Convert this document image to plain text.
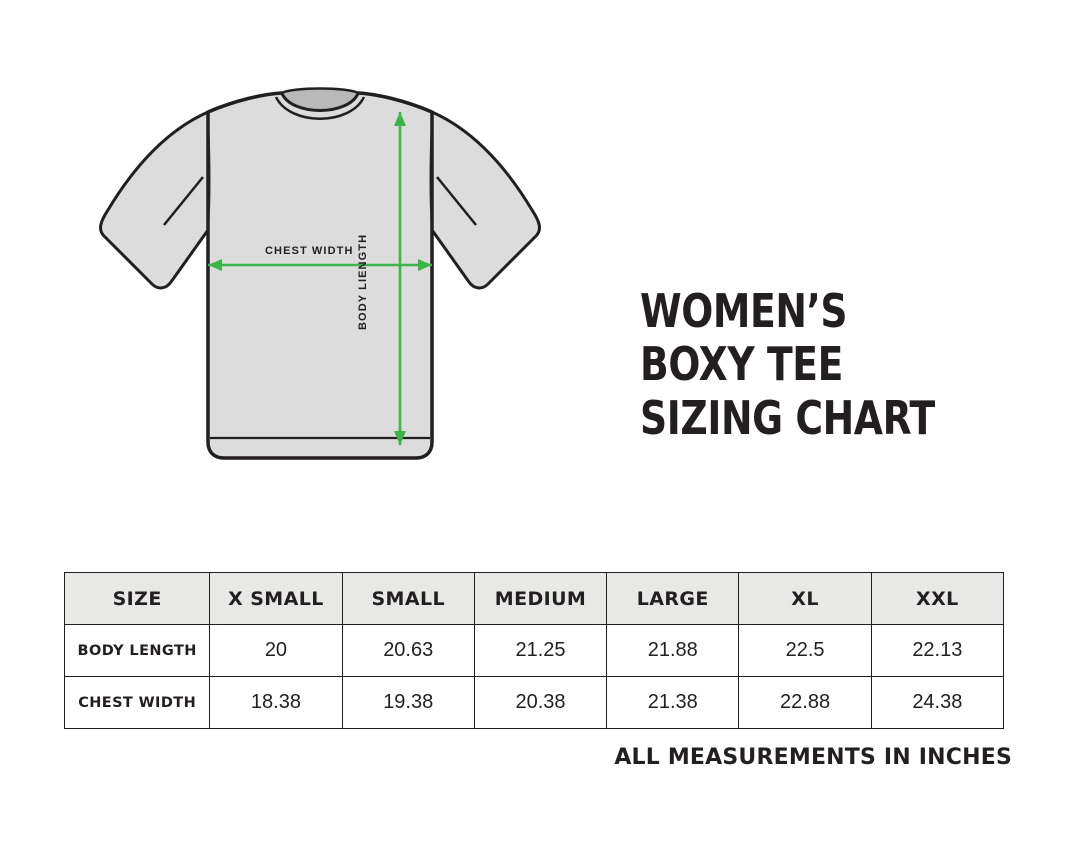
CHEST WIDTH BODY LIENGTH	WOMEN’S
BOXY TEE
SIZING CHART
SIZE	X SMALL	SMALL	MEDIUM	LARGE	XL	XXL
BODY LENGTH	20	20.63	21.25	21.88	22.5	22.13
CHEST WIDTH	18.38	19.38	20.38	21.38	22.88	24.38
ALL MEASUREMENTS IN INCHES
